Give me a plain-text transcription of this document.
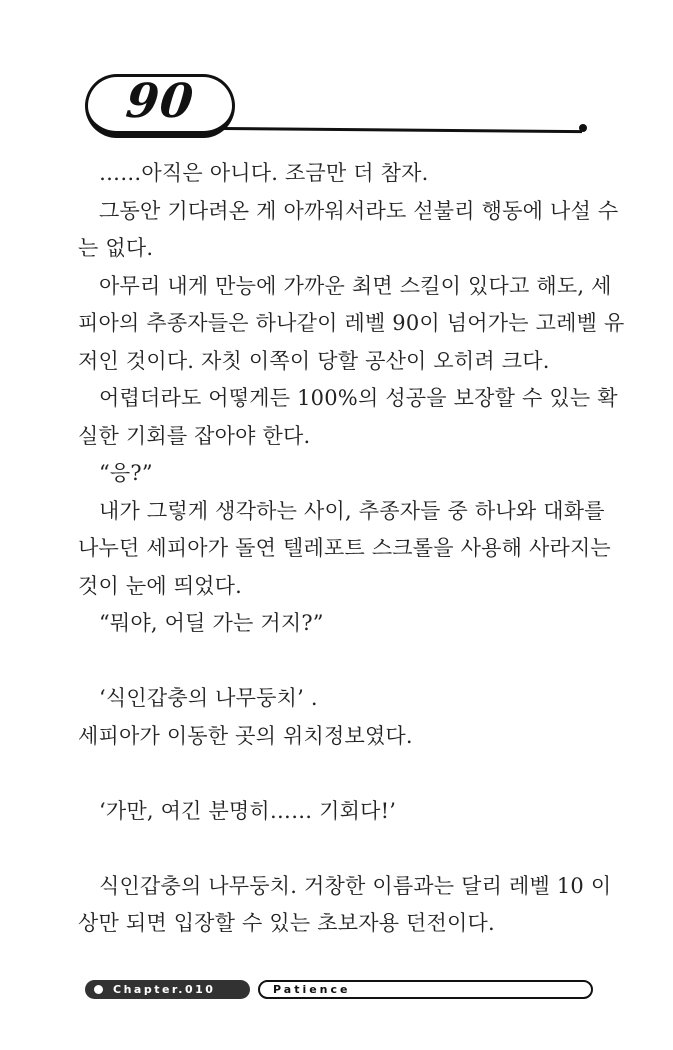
90
……아직은 아니다. 조금만 더 참자.
그동안 기다려온 게 아까워서라도 섣불리 행동에 나설 수
는 없다.
아무리 내게 만능에 가까운 최면 스킬이 있다고 해도, 세
피아의 추종자들은 하나같이 레벨 90이 넘어가는 고레벨 유
저인 것이다. 자칫 이쪽이 당할 공산이 오히려 크다.
어렵더라도 어떻게든 100%의 성공을 보장할 수 있는 확
실한 기회를 잡아야 한다.
“응?”
내가 그렇게 생각하는 사이, 추종자들 중 하나와 대화를
나누던 세피아가 돌연 텔레포트 스크롤을 사용해 사라지는
것이 눈에 띄었다.
“뭐야, 어딜 가는 거지?”
‘식인갑충의 나무둥치’ .
세피아가 이동한 곳의 위치정보였다.
‘가만, 여긴 분명히…… 기회다!’
식인갑충의 나무둥치. 거창한 이름과는 달리 레벨 10 이
상만 되면 입장할 수 있는 초보자용 던전이다.
Chapter.010	Patience
